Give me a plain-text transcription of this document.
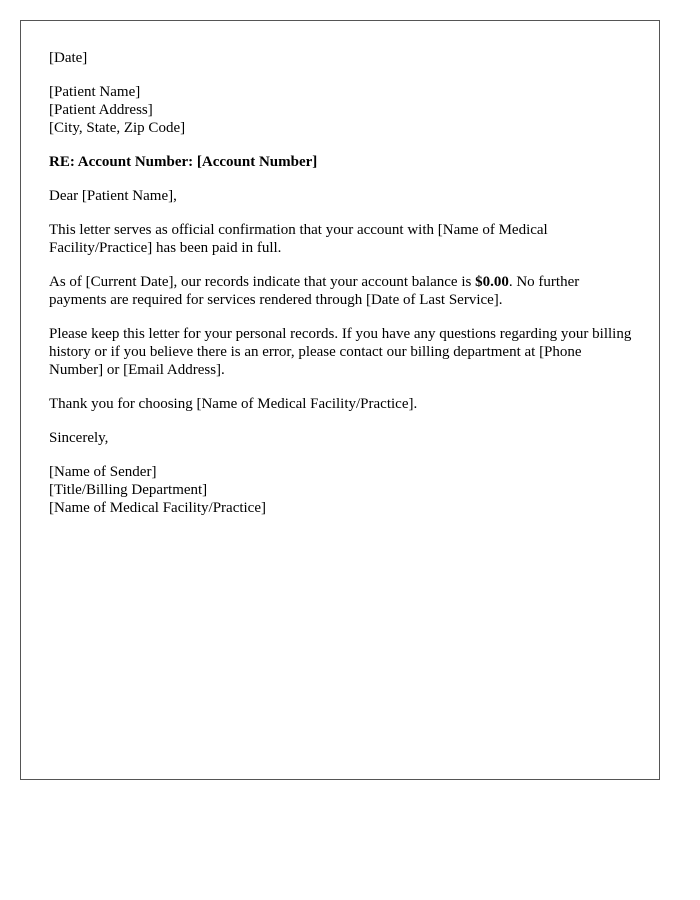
[Date]

[Patient Name]
[Patient Address]
[City, State, Zip Code]

RE: Account Number: [Account Number]

Dear [Patient Name],

This letter serves as official confirmation that your account with [Name of Medical Facility/Practice] has been paid in full.

As of [Current Date], our records indicate that your account balance is $0.00. No further payments are required for services rendered through [Date of Last Service].

Please keep this letter for your personal records. If you have any questions regarding your billing history or if you believe there is an error, please contact our billing department at [Phone Number] or [Email Address].

Thank you for choosing [Name of Medical Facility/Practice].

Sincerely,

[Name of Sender]
[Title/Billing Department]
[Name of Medical Facility/Practice]
